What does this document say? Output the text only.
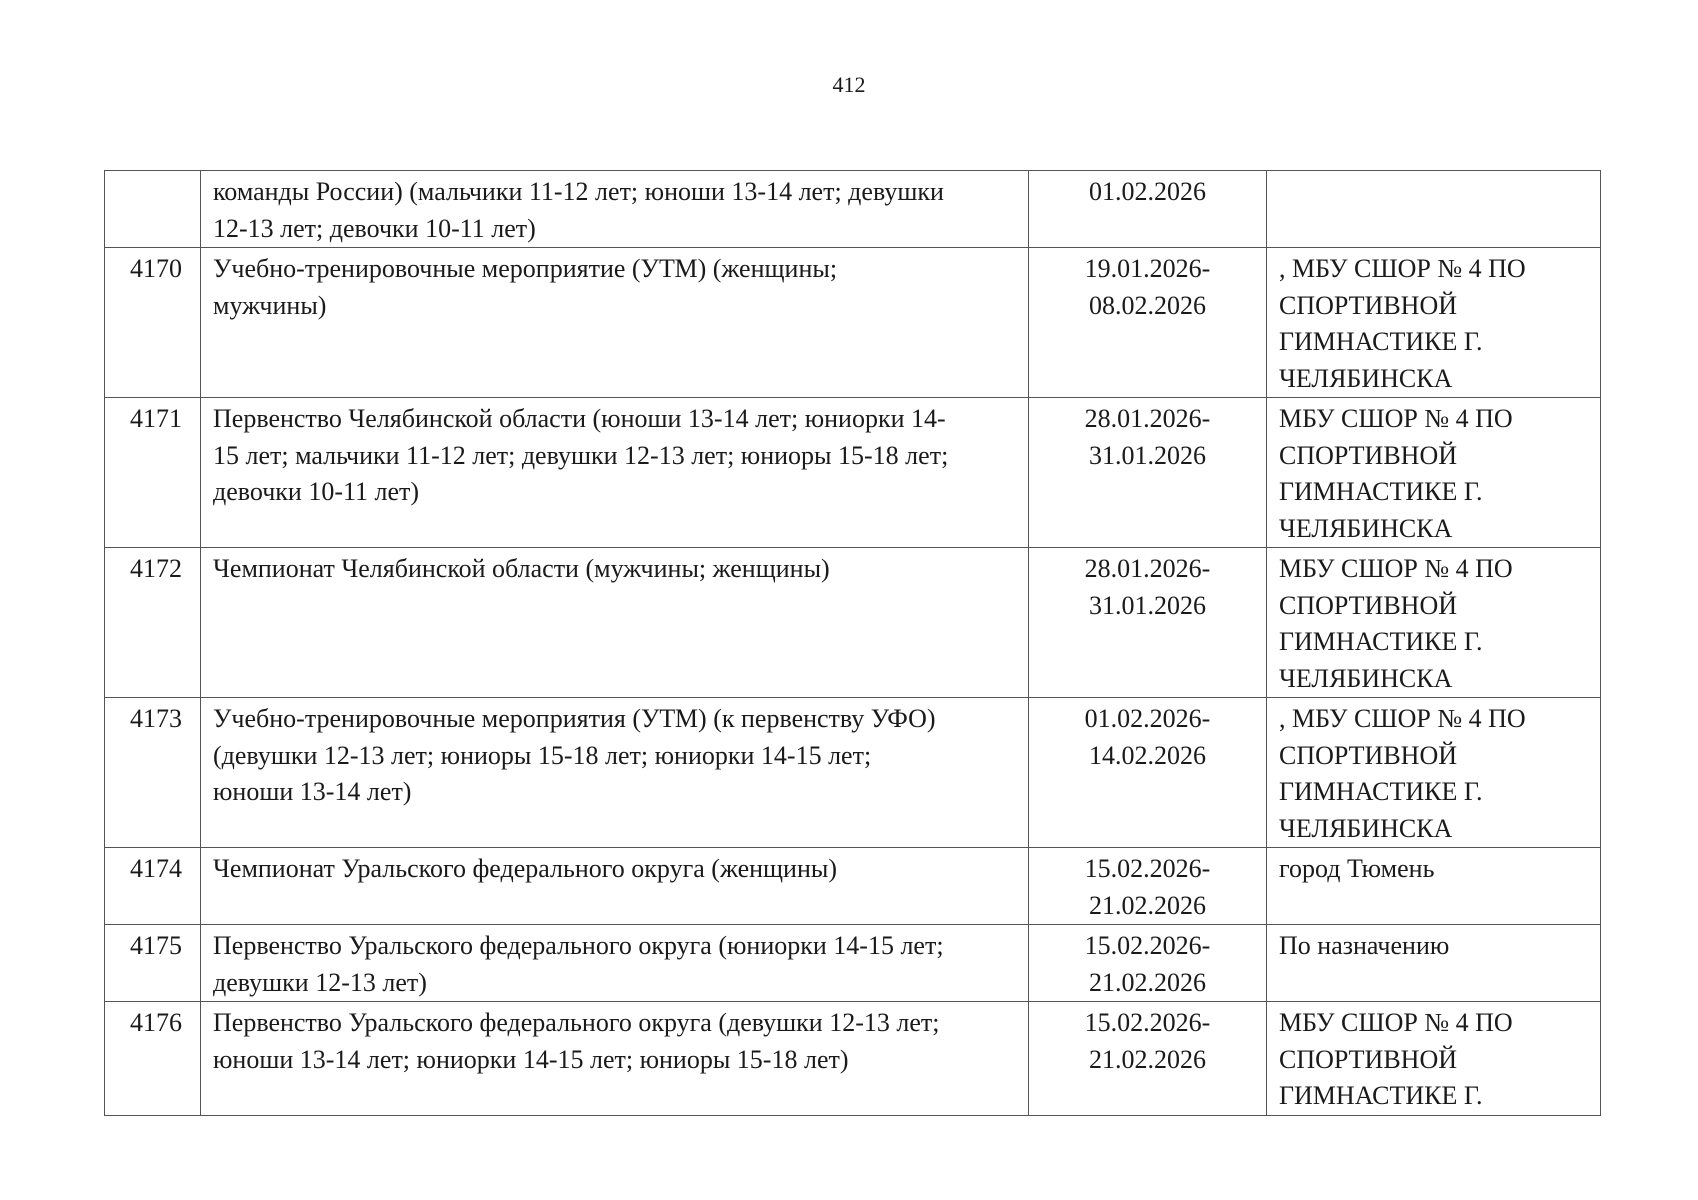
412

	команды России) (мальчики 11-12 лет; юноши 13-14 лет; девушки
12-13 лет; девочки 10-11 лет)	01.02.2026	

4170	Учебно-тренировочные мероприятие (УТМ) (женщины;
мужчины)	19.01.2026-
08.02.2026	, МБУ СШОР № 4 ПО
СПОРТИВНОЙ
ГИМНАСТИКЕ Г.
ЧЕЛЯБИНСКА

4171	Первенство Челябинской области (юноши 13-14 лет; юниорки 14-
15 лет; мальчики 11-12 лет; девушки 12-13 лет; юниоры 15-18 лет;
девочки 10-11 лет)	28.01.2026-
31.01.2026	МБУ СШОР № 4 ПО
СПОРТИВНОЙ
ГИМНАСТИКЕ Г.
ЧЕЛЯБИНСКА

4172	Чемпионат Челябинской области (мужчины; женщины)	28.01.2026-
31.01.2026	МБУ СШОР № 4 ПО
СПОРТИВНОЙ
ГИМНАСТИКЕ Г.
ЧЕЛЯБИНСКА

4173	Учебно-тренировочные мероприятия (УТМ) (к первенству УФО)
(девушки 12-13 лет; юниоры 15-18 лет; юниорки 14-15 лет;
юноши 13-14 лет)	01.02.2026-
14.02.2026	, МБУ СШОР № 4 ПО
СПОРТИВНОЙ
ГИМНАСТИКЕ Г.
ЧЕЛЯБИНСКА

4174	Чемпионат Уральского федерального округа (женщины)	15.02.2026-
21.02.2026	город Тюмень

4175	Первенство Уральского федерального округа (юниорки 14-15 лет;
девушки 12-13 лет)	15.02.2026-
21.02.2026	По назначению

4176	Первенство Уральского федерального округа (девушки 12-13 лет;
юноши 13-14 лет; юниорки 14-15 лет; юниоры 15-18 лет)	15.02.2026-
21.02.2026	МБУ СШОР № 4 ПО
СПОРТИВНОЙ
ГИМНАСТИКЕ Г.
